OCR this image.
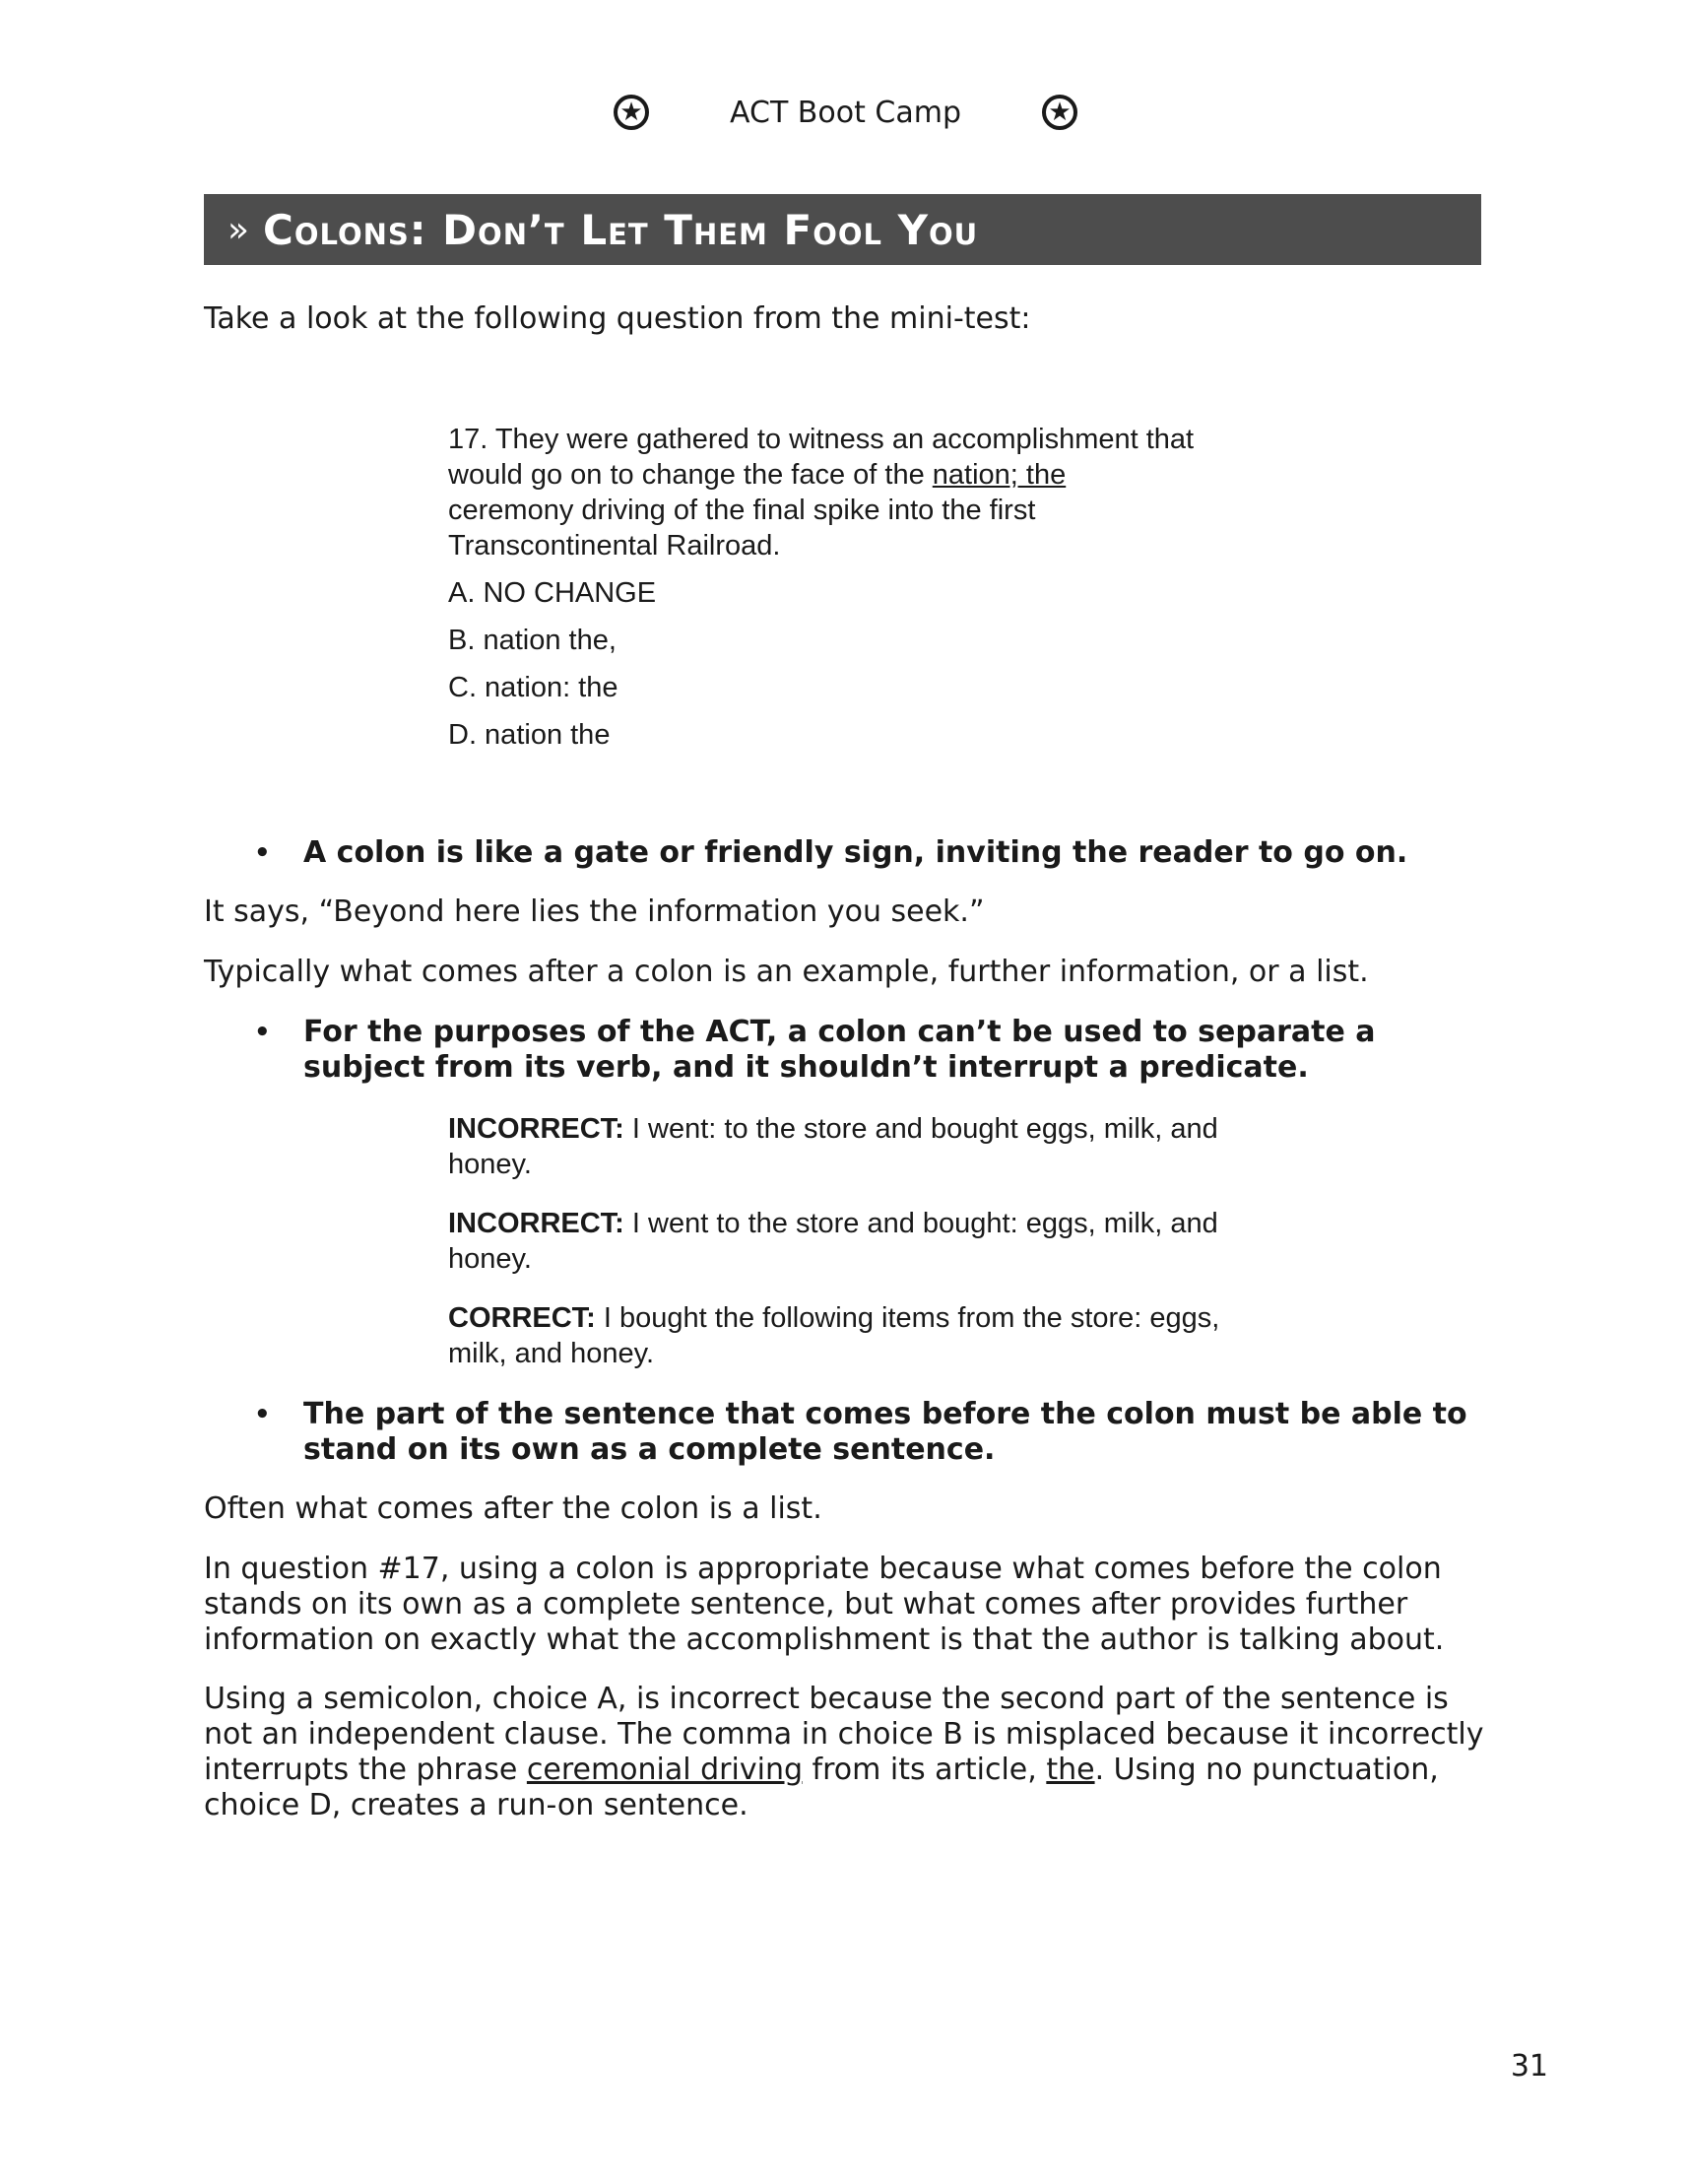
★	ACT Boot Camp	★
» Colons: Don’t Let Them Fool You
Take a look at the following question from the mini-test:
17. They were gathered to witness an accomplishment that would go on to change the face of the nation; the ceremony driving of the final spike into the first Transcontinental Railroad.
A. NO CHANGE
B. nation the,
C. nation: the
D. nation the
• A colon is like a gate or friendly sign, inviting the reader to go on.
It says, “Beyond here lies the information you seek.”
Typically what comes after a colon is an example, further information, or a list.
• For the purposes of the ACT, a colon can’t be used to separate a subject from its verb, and it shouldn’t interrupt a predicate.
INCORRECT: I went: to the store and bought eggs, milk, and honey.
INCORRECT: I went to the store and bought: eggs, milk, and honey.
CORRECT: I bought the following items from the store: eggs, milk, and honey.
• The part of the sentence that comes before the colon must be able to stand on its own as a complete sentence.
Often what comes after the colon is a list.
In question #17, using a colon is appropriate because what comes before the colon stands on its own as a complete sentence, but what comes after provides further information on exactly what the accomplishment is that the author is talking about.
Using a semicolon, choice A, is incorrect because the second part of the sentence is not an independent clause. The comma in choice B is misplaced because it incorrectly interrupts the phrase ceremonial driving from its article, the. Using no punctuation, choice D, creates a run-on sentence.
31
